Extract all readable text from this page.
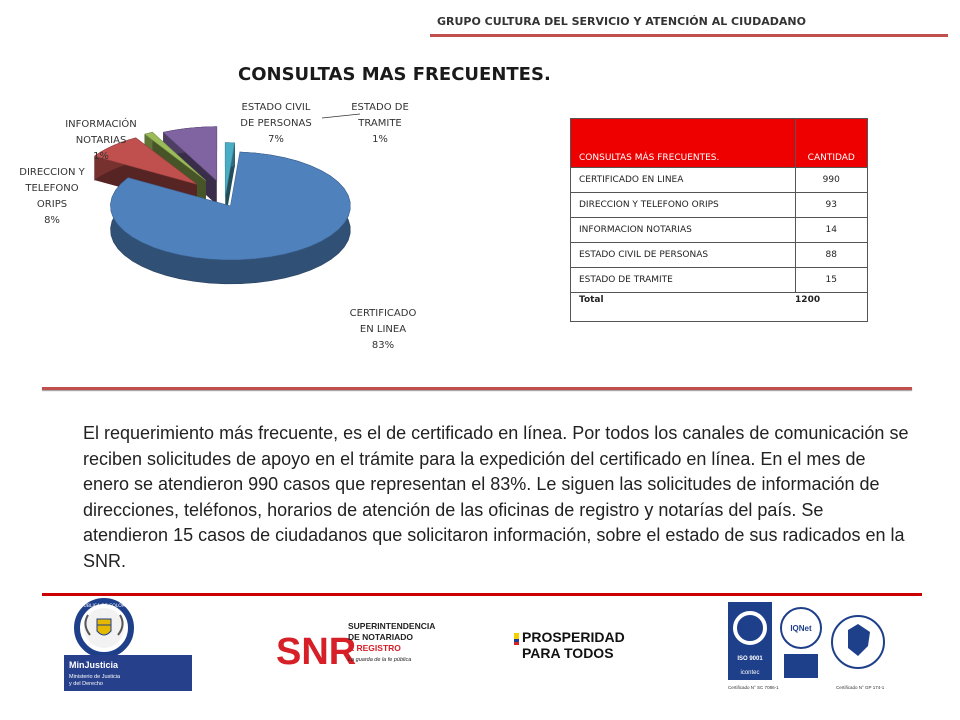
GRUPO CULTURA DEL SERVICIO Y ATENCIÓN AL CIUDADANO
CONSULTAS MAS FRECUENTES.
CERTIFICADO EN LINEA 83%
DIRECCION Y TELEFONO ORIPS 8%
INFORMACIÓN NOTARIAS 1%
ESTADO CIVIL DE PERSONAS 7%
ESTADO DE TRAMITE 1%
CONSULTAS MÁS FRECUENTES.	CANTIDAD
CERTIFICADO EN LINEA	990
DIRECCION Y TELEFONO ORIPS	93
INFORMACION NOTARIAS	14
ESTADO CIVIL DE PERSONAS	88
ESTADO DE TRAMITE	15
Total	1200
El requerimiento más frecuente, es el de certificado en línea. Por todos los canales de comunicación se reciben solicitudes de apoyo en el trámite para la expedición del certificado en línea. En el mes de enero se atendieron 990 casos que representan el 83%. Le siguen las solicitudes de información de direcciones, teléfonos, horarios de atención de las oficinas de registro y notarías del país. Se atendieron 15 casos de ciudadanos que solicitaron información, sobre el estado de sus radicados en la SNR.
REPÚBLICA DE COLOMBIA
MinJusticia
Ministerio de Justicia
y del Derecho
SNR
SUPERINTENDENCIA
DE NOTARIADO
& REGISTRO
La guarda de la fe pública
PROSPERIDAD
PARA TODOS	ISO 9001
icontec
IQNet
Certificado N° SC 7086-1	Certificado N° GP 174-1
